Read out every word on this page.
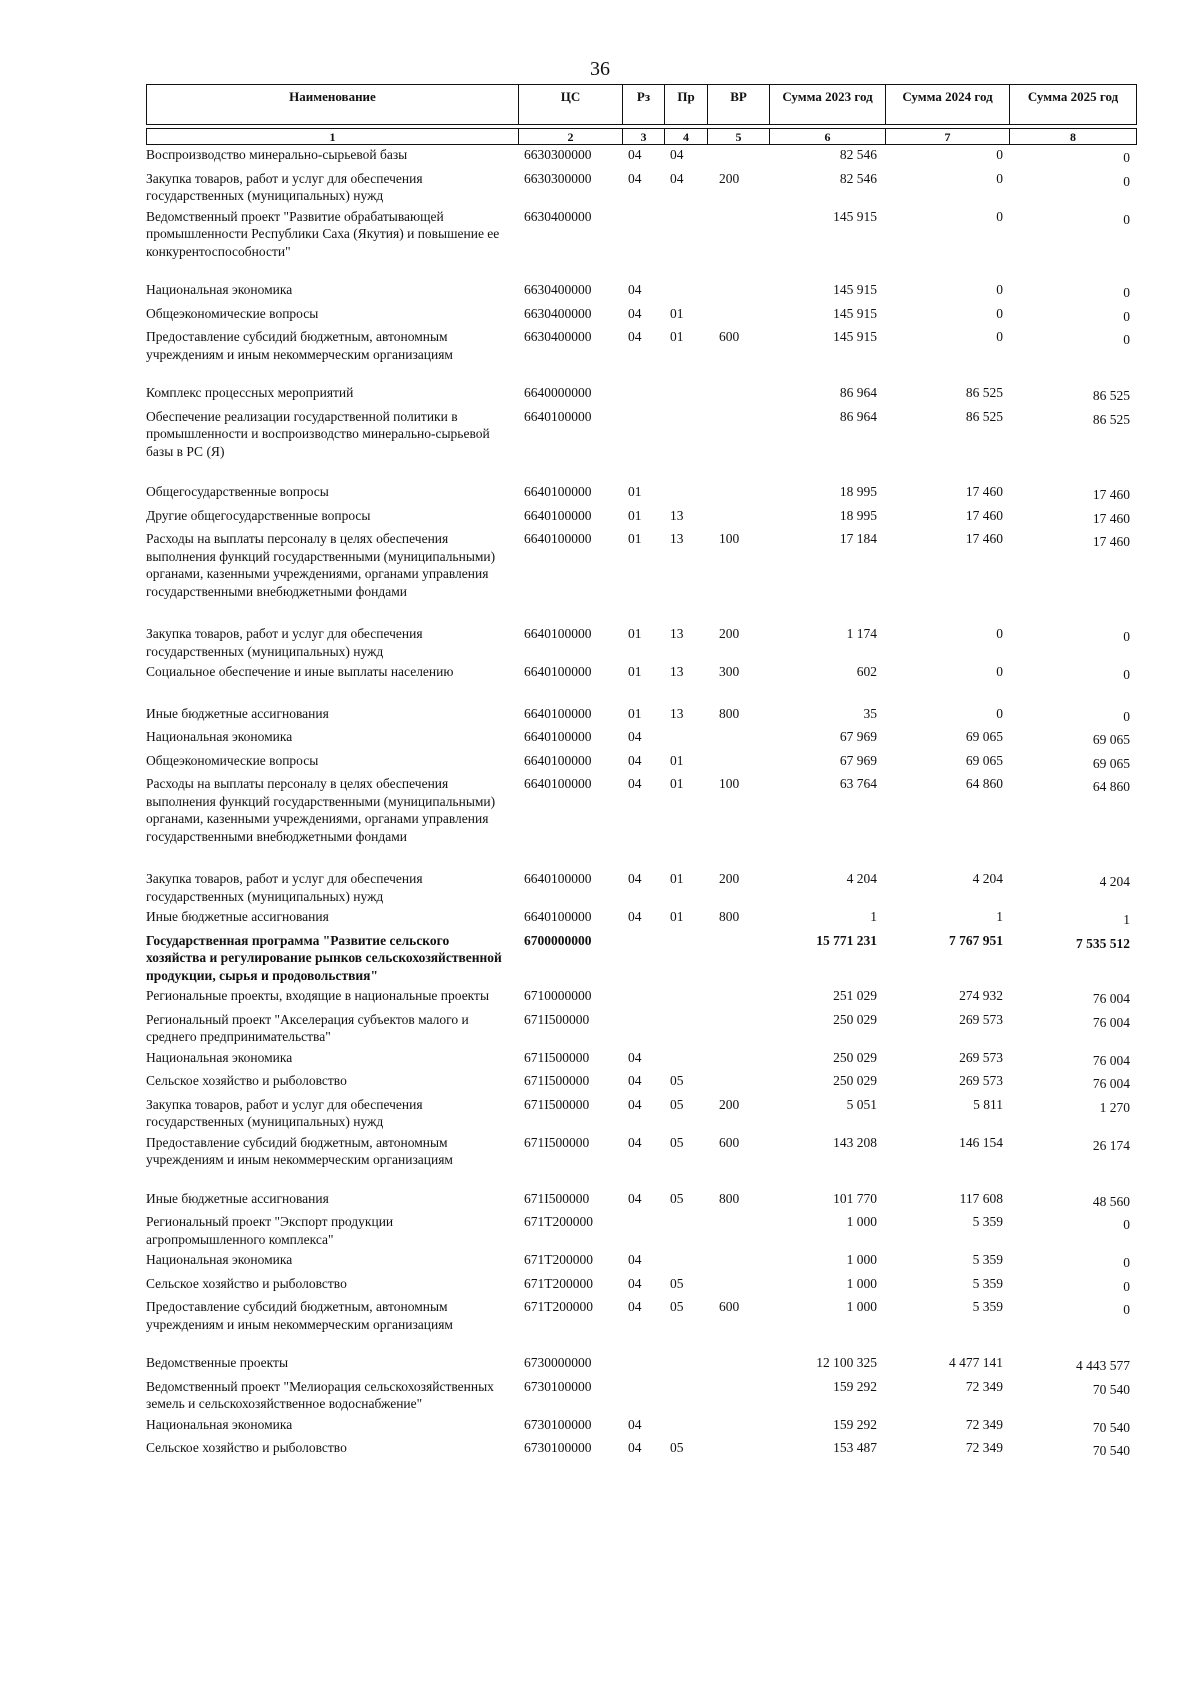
36
Наименование	ЦС	Рз	Пр	ВР	Сумма 2023 год	Сумма 2024 год	Сумма 2025 год

1	2	3	4	5	6	7	8
Воспроизводство минерально-сырьевой базы	6630300000	04	04		82 546	0	0
Закупка товаров, работ и услуг для обеспечения государственных (муниципальных) нужд	6630300000	04	04	200	82 546	0	0
Ведомственный проект "Развитие обрабатывающей промышленности Республики Саха (Якутия) и повышение ее конкурентоспособности"	6630400000				145 915	0	0
Национальная экономика	6630400000	04			145 915	0	0
Общеэкономические вопросы	6630400000	04	01		145 915	0	0
Предоставление субсидий бюджетным, автономным учреждениям и иным некоммерческим организациям	6630400000	04	01	600	145 915	0	0
Комплекс процессных мероприятий	6640000000				86 964	86 525	86 525
Обеспечение реализации государственной политики в промышленности и воспроизводство минерально-сырьевой базы в РС (Я)	6640100000				86 964	86 525	86 525
Общегосударственные вопросы	6640100000	01			18 995	17 460	17 460
Другие общегосударственные вопросы	6640100000	01	13		18 995	17 460	17 460
Расходы на выплаты персоналу в целях обеспечения выполнения функций государственными (муниципальными) органами, казенными учреждениями, органами управления государственными внебюджетными фондами	6640100000	01	13	100	17 184	17 460	17 460
Закупка товаров, работ и услуг для обеспечения государственных (муниципальных) нужд	6640100000	01	13	200	1 174	0	0
Социальное обеспечение и иные выплаты населению	6640100000	01	13	300	602	0	0
Иные бюджетные ассигнования	6640100000	01	13	800	35	0	0
Национальная экономика	6640100000	04			67 969	69 065	69 065
Общеэкономические вопросы	6640100000	04	01		67 969	69 065	69 065
Расходы на выплаты персоналу в целях обеспечения выполнения функций государственными (муниципальными) органами, казенными учреждениями, органами управления государственными внебюджетными фондами	6640100000	04	01	100	63 764	64 860	64 860
Закупка товаров, работ и услуг для обеспечения государственных (муниципальных) нужд	6640100000	04	01	200	4 204	4 204	4 204
Иные бюджетные ассигнования	6640100000	04	01	800	1	1	1
Государственная программа "Развитие сельского хозяйства и регулирование рынков сельскохозяйственной продукции, сырья и продовольствия"	6700000000				15 771 231	7 767 951	7 535 512
Региональные проекты, входящие в национальные проекты	6710000000				251 029	274 932	76 004
Региональный проект "Акселерация субъектов малого и среднего предпринимательства"	671I500000				250 029	269 573	76 004
Национальная экономика	671I500000	04			250 029	269 573	76 004
Сельское хозяйство и рыболовство	671I500000	04	05		250 029	269 573	76 004
Закупка товаров, работ и услуг для обеспечения государственных (муниципальных) нужд	671I500000	04	05	200	5 051	5 811	1 270
Предоставление субсидий бюджетным, автономным учреждениям и иным некоммерческим организациям	671I500000	04	05	600	143 208	146 154	26 174
Иные бюджетные ассигнования	671I500000	04	05	800	101 770	117 608	48 560
Региональный проект "Экспорт продукции агропромышленного комплекса"	671T200000				1 000	5 359	0
Национальная экономика	671T200000	04			1 000	5 359	0
Сельское хозяйство и рыболовство	671T200000	04	05		1 000	5 359	0
Предоставление субсидий бюджетным, автономным учреждениям и иным некоммерческим организациям	671T200000	04	05	600	1 000	5 359	0
Ведомственные проекты	6730000000				12 100 325	4 477 141	4 443 577
Ведомственный проект "Мелиорация сельскохозяйственных земель и сельскохозяйственное водоснабжение"	6730100000				159 292	72 349	70 540
Национальная экономика	6730100000	04			159 292	72 349	70 540
Сельское хозяйство и рыболовство	6730100000	04	05		153 487	72 349	70 540
